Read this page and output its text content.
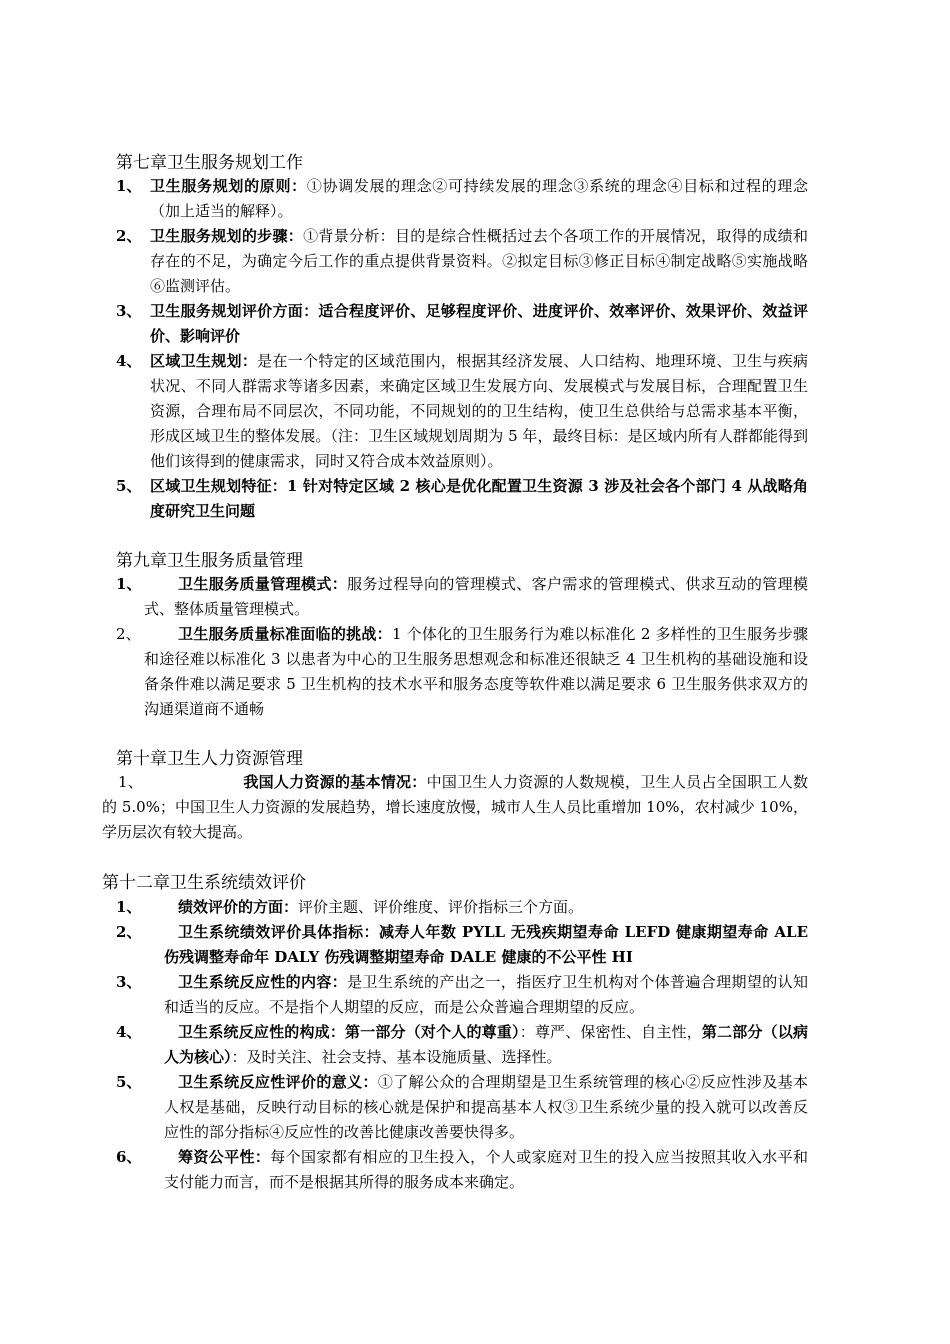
第七章卫生服务规划工作
1、 卫生服务规划的原则：①协调发展的理念②可持续发展的理念③系统的理念④目标和过程的理念（加上适当的解释）。
2、 卫生服务规划的步骤：①背景分析：目的是综合性概括过去个各项工作的开展情况，取得的成绩和存在的不足，为确定今后工作的重点提供背景资料。②拟定目标③修正目标④制定战略⑤实施战略⑥监测评估。
3、 卫生服务规划评价方面：适合程度评价、足够程度评价、进度评价、效率评价、效果评价、效益评价、影响评价
4、 区域卫生规划：是在一个特定的区域范围内，根据其经济发展、人口结构、地理环境、卫生与疾病状况、不同人群需求等诸多因素，来确定区域卫生发展方向、发展模式与发展目标，合理配置卫生资源，合理布局不同层次，不同功能，不同规划的的卫生结构，使卫生总供给与总需求基本平衡，形成区域卫生的整体发展。（注：卫生区域规划周期为 5 年，最终目标：是区域内所有人群都能得到他们该得到的健康需求，同时又符合成本效益原则）。
5、 区域卫生规划特征：1 针对特定区域 2 核心是优化配置卫生资源 3 涉及社会各个部门 4 从战略角度研究卫生问题
第九章卫生服务质量管理
1、	卫生服务质量管理模式：服务过程导向的管理模式、客户需求的管理模式、供求互动的管理模式、整体质量管理模式。
2、	卫生服务质量标准面临的挑战：1 个体化的卫生服务行为难以标准化 2 多样性的卫生服务步骤和途径难以标准化 3 以患者为中心的卫生服务思想观念和标准还很缺乏 4 卫生机构的基础设施和设备条件难以满足要求 5 卫生机构的技术水平和服务态度等软件难以满足要求 6 卫生服务供求双方的沟通渠道商不通畅
第十章卫生人力资源管理
1、	我国人力资源的基本情况：中国卫生人力资源的人数规模，卫生人员占全国职工人数的 5.0%；中国卫生人力资源的发展趋势，增长速度放慢，城市人生人员比重增加 10%，农村减少 10%，学历层次有较大提高。
第十二章卫生系统绩效评价
1、	绩效评价的方面：评价主题、评价维度、评价指标三个方面。
2、	卫生系统绩效评价具体指标：减寿人年数 PYLL 无残疾期望寿命 LEFD 健康期望寿命 ALE 伤残调整寿命年 DALY 伤残调整期望寿命 DALE 健康的不公平性 HI
3、	卫生系统反应性的内容：是卫生系统的产出之一，指医疗卫生机构对个体普遍合理期望的认知和适当的反应。不是指个人期望的反应，而是公众普遍合理期望的反应。
4、	卫生系统反应性的构成：第一部分（对个人的尊重）：尊严、保密性、自主性，第二部分（以病人为核心）：及时关注、社会支持、基本设施质量、选择性。
5、	卫生系统反应性评价的意义：①了解公众的合理期望是卫生系统管理的核心②反应性涉及基本人权是基础，反映行动目标的核心就是保护和提高基本人权③卫生系统少量的投入就可以改善反应性的部分指标④反应性的改善比健康改善要快得多。
6、	筹资公平性：每个国家都有相应的卫生投入，个人或家庭对卫生的投入应当按照其收入水平和支付能力而言，而不是根据其所得的服务成本来确定。
